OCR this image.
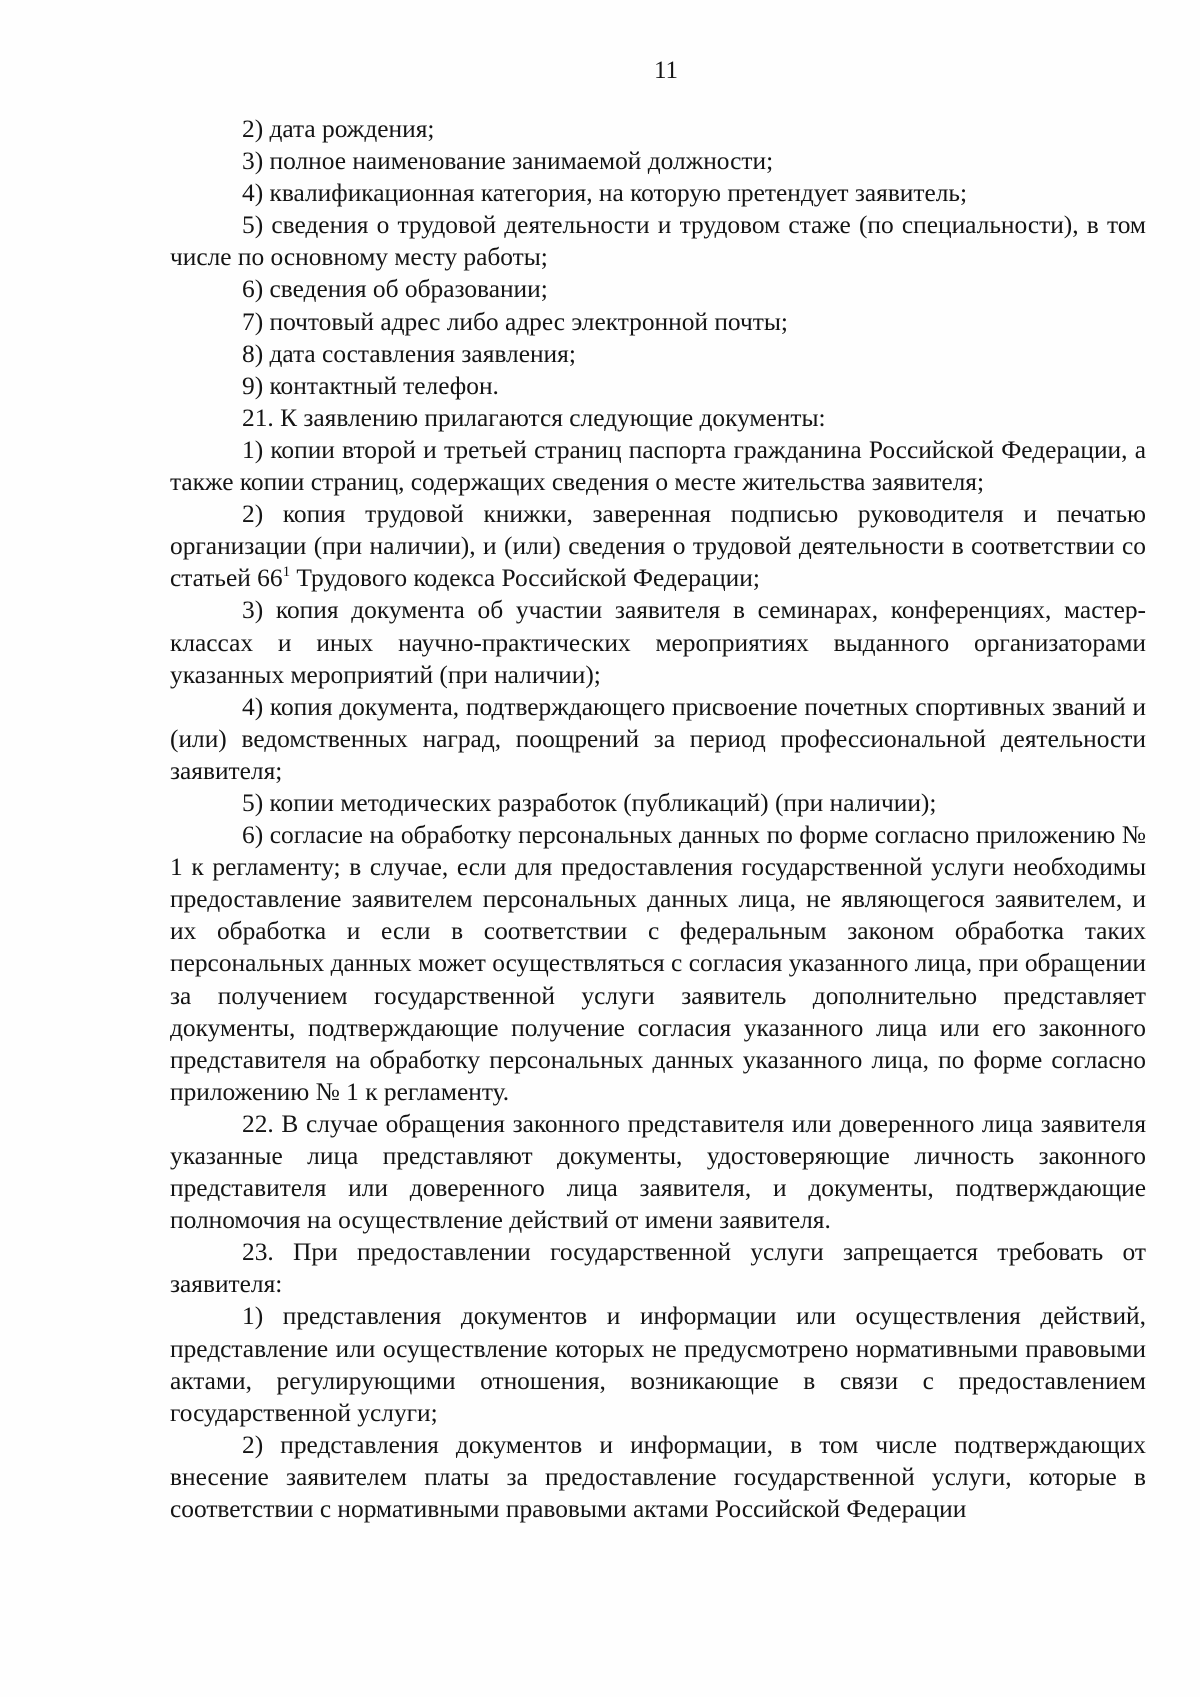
11

2) дата рождения;

3) полное наименование занимаемой должности;

4) квалификационная категория, на которую претендует заявитель;

5) сведения о трудовой деятельности и трудовом стаже (по специальности), в том числе по основному месту работы;

6) сведения об образовании;

7) почтовый адрес либо адрес электронной почты;

8) дата составления заявления;

9) контактный телефон.

21. К заявлению прилагаются следующие документы:

1) копии второй и третьей страниц паспорта гражданина Российской Федерации, а также копии страниц, содержащих сведения о месте жительства заявителя;

2) копия трудовой книжки, заверенная подписью руководителя и печатью организации (при наличии), и (или) сведения о трудовой деятельности в соответствии со статьей $66^1$ Трудового кодекса Российской Федерации;

3) копия документа об участии заявителя в семинарах, конференциях, мастер-классах и иных научно-практических мероприятиях выданного организаторами указанных мероприятий (при наличии);

4) копия документа, подтверждающего присвоение почетных спортивных званий и (или) ведомственных наград, поощрений за период профессиональной деятельности заявителя;

5) копии методических разработок (публикаций) (при наличии);

6) согласие на обработку персональных данных по форме согласно приложению № 1 к регламенту; в случае, если для предоставления государственной услуги необходимы предоставление заявителем персональных данных лица, не являющегося заявителем, и их обработка и если в соответствии с федеральным законом обработка таких персональных данных может осуществляться с согласия указанного лица, при обращении за получением государственной услуги заявитель дополнительно представляет документы, подтверждающие получение согласия указанного лица или его законного представителя на обработку персональных данных указанного лица, по форме согласно приложению № 1 к регламенту.

22. В случае обращения законного представителя или доверенного лица заявителя указанные лица представляют документы, удостоверяющие личность законного представителя или доверенного лица заявителя, и документы, подтверждающие полномочия на осуществление действий от имени заявителя.

23. При предоставлении государственной услуги запрещается требовать от заявителя:

1) представления документов и информации или осуществления действий, представление или осуществление которых не предусмотрено нормативными правовыми актами, регулирующими отношения, возникающие в связи с предоставлением государственной услуги;

2) представления документов и информации, в том числе подтверждающих внесение заявителем платы за предоставление государственной услуги, которые в соответствии с нормативными правовыми актами Российской Федерации
